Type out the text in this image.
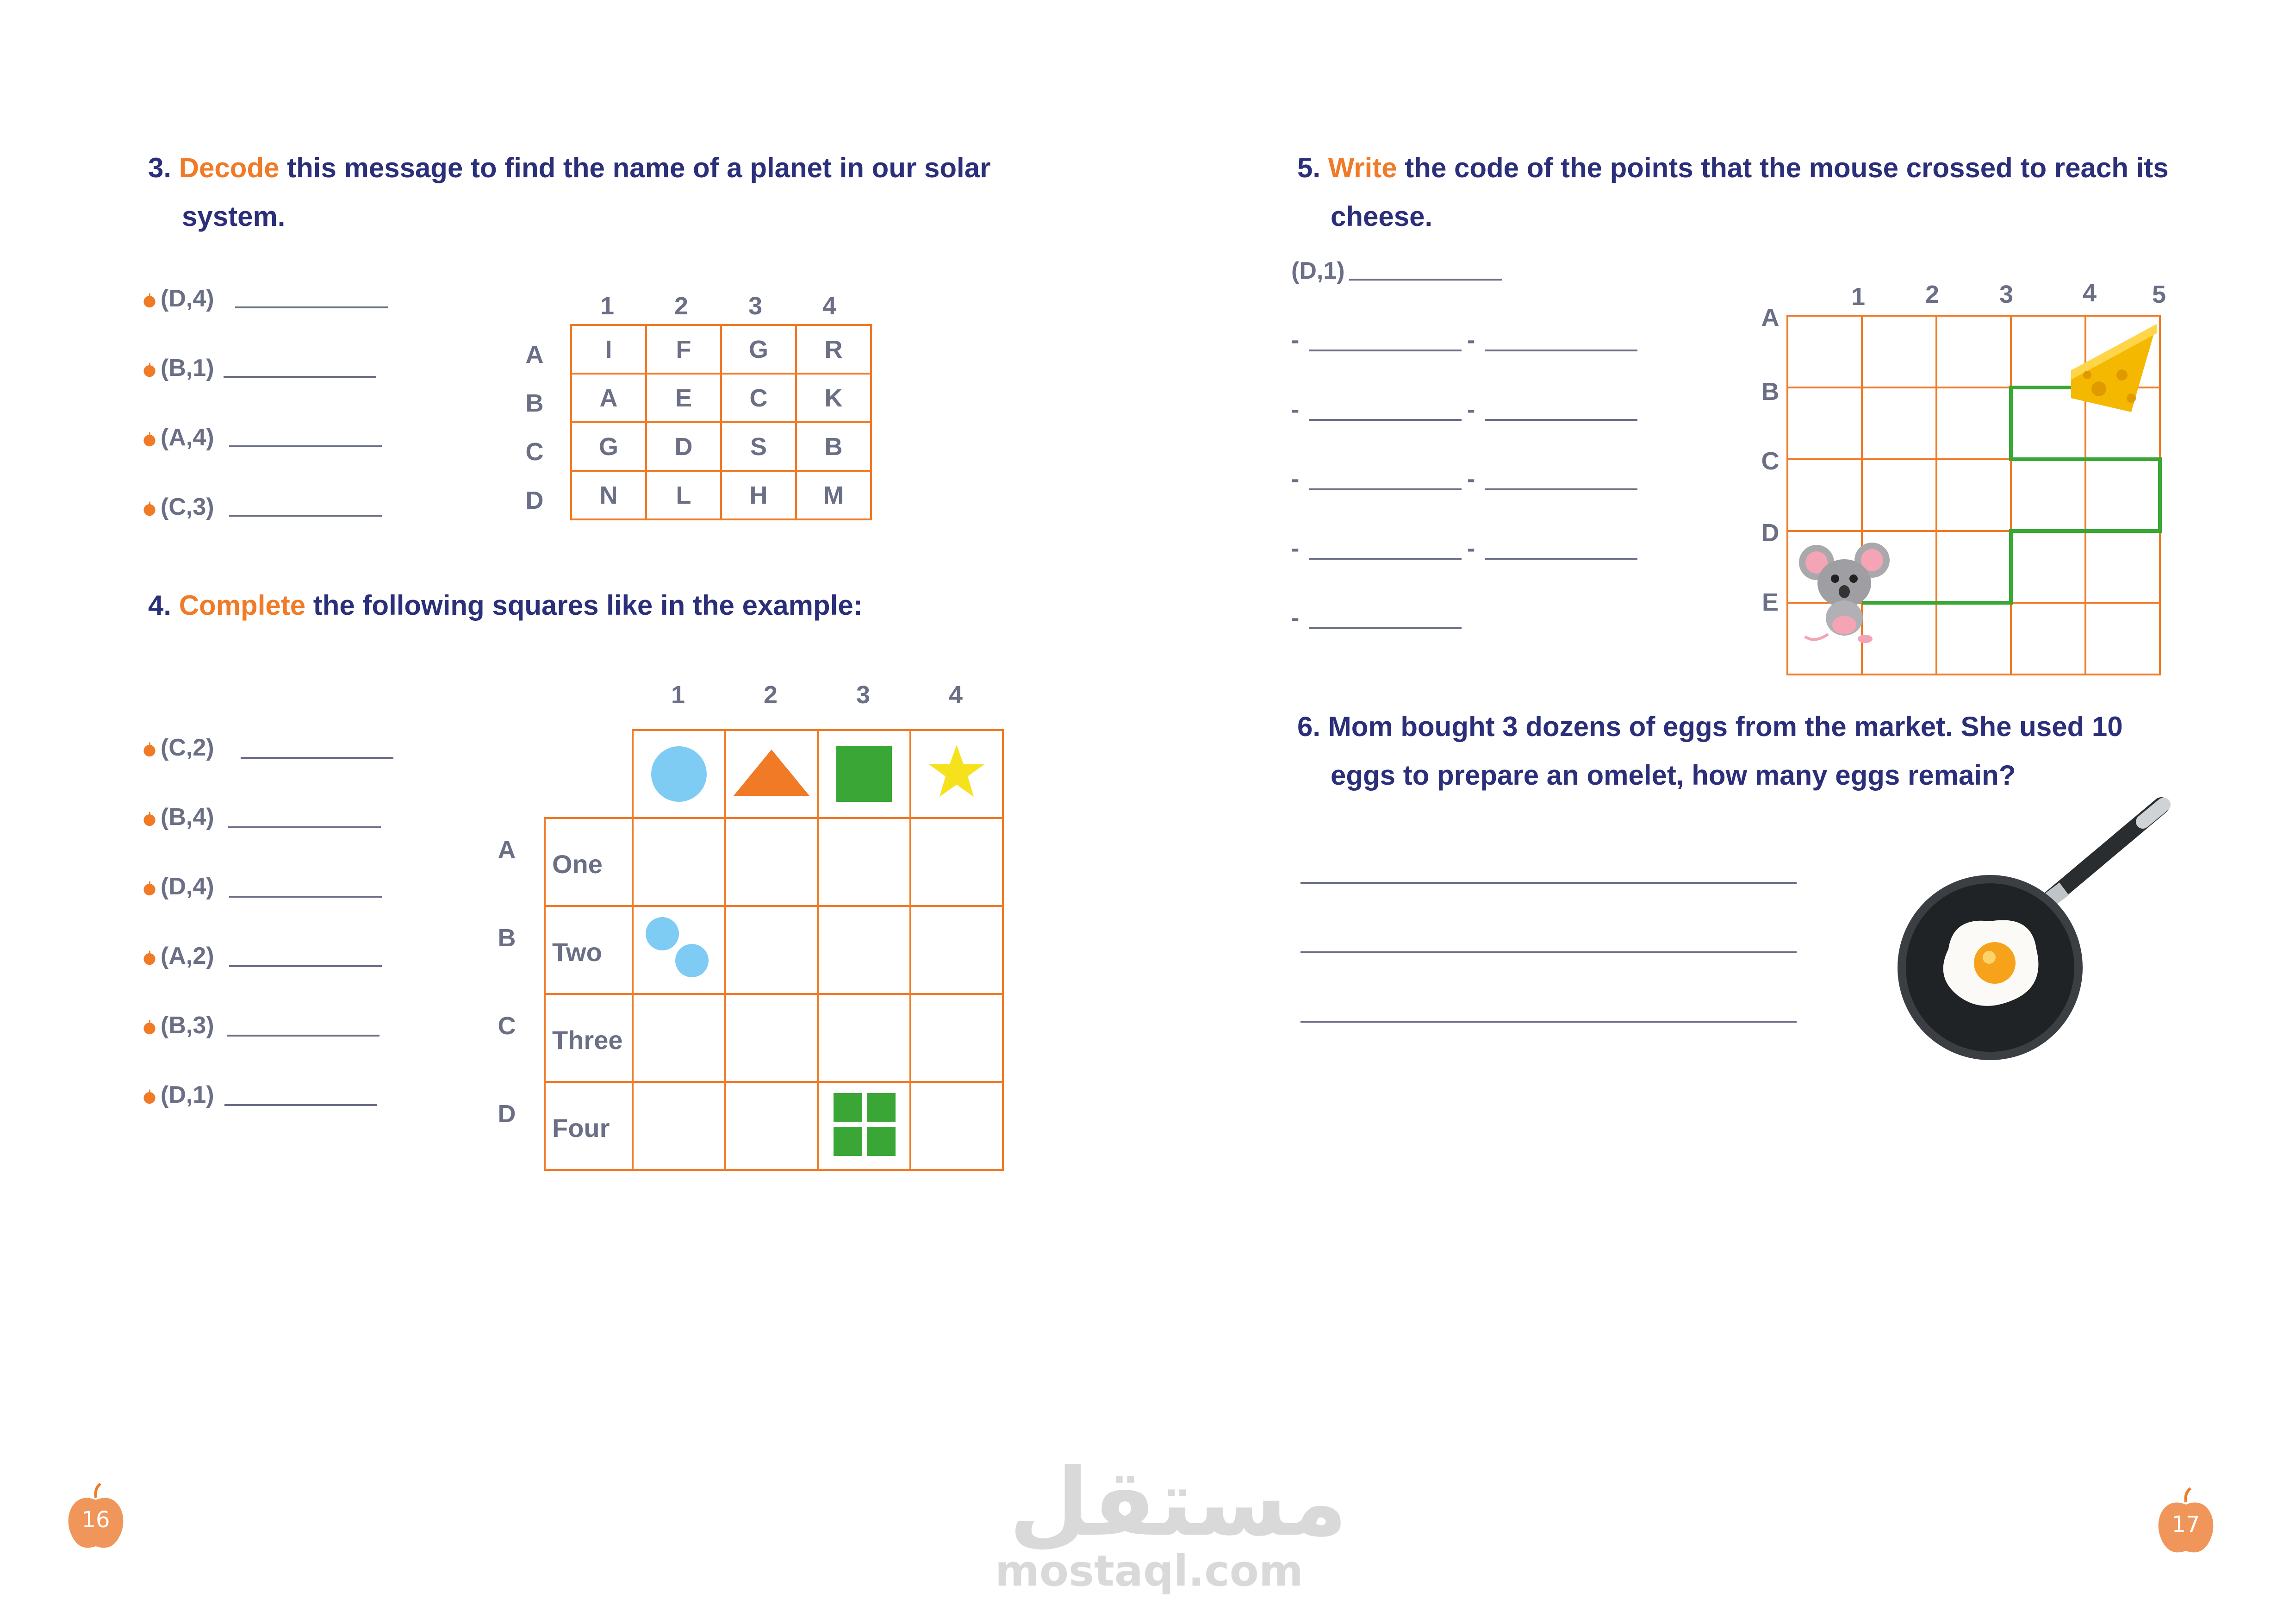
3. Decode this message to find the name of a planet in our solar
system.
(D,4)
(B,1)
(A,4)
(C,3)
1	2	3	4
A
B
C
D
I	F	G	R
A	E	C	K
G	D	S	B
N	L	H	M
4. Complete the following squares like in the example:
(C,2)
(B,4)
(D,4)
(A,2)
(B,3)
(D,1)
1	2	3	4
A
B
C
D
One
Two
Three
Four
5. Write the code of the points that the mouse crossed to reach its
cheese.
(D,1)
-	-
-	-
-	-
-	-
-
1 2 3	4 5
A
B
C
D
E
6. Mom bought 3 dozens of eggs from the market. She used 10
eggs to prepare an omelet, how many eggs remain?
16	17
مستقل
mostaql.com
